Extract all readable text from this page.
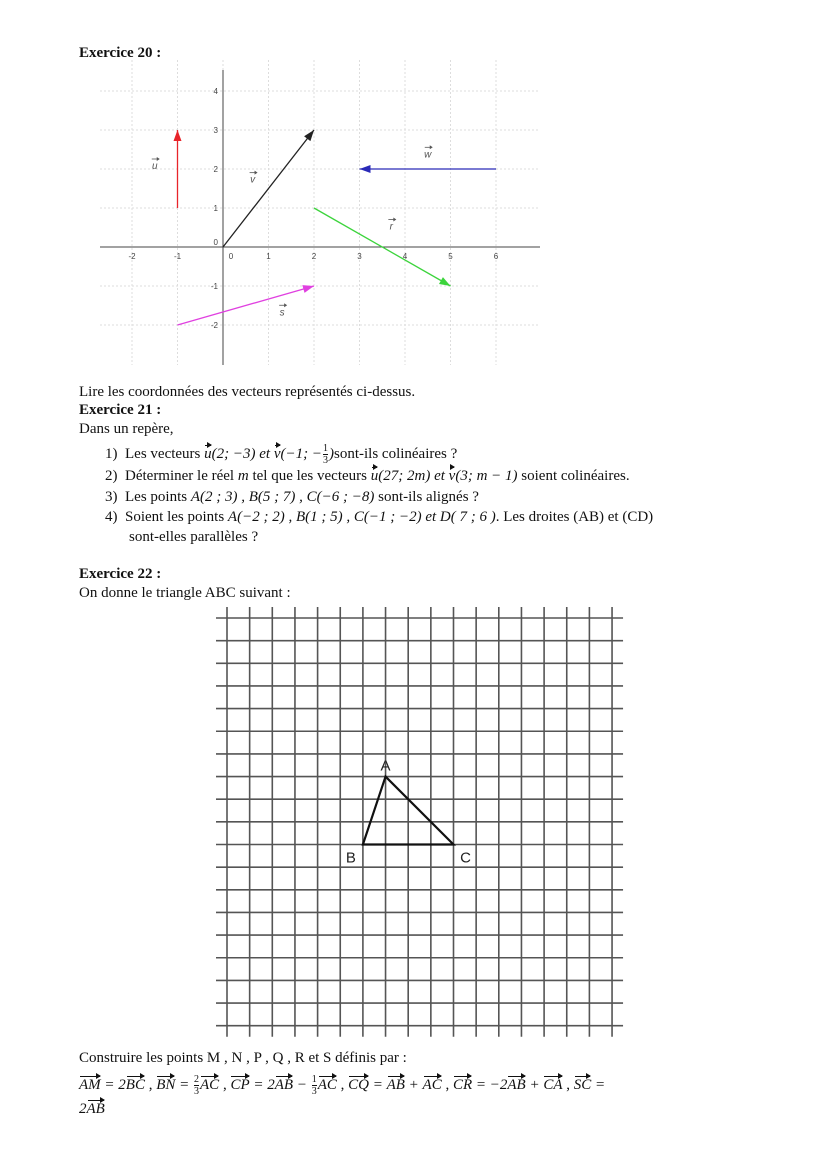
Exercice 20 :
-2	-1	0	1	2	3	4	5	6
-2
-1
0
1
2
3
4
u
v
w
r
s
Lire les coordonnées des vecteurs représentés ci-dessus.
Exercice 21 :
Dans un repère,
1) Les vecteurs u(2; −3) et v(−1; − $\frac{1}{3}$ )sont-ils colinéaires ?
2) Déterminer le réel m tel que les vecteurs u(27; 2m) et v(3; m − 1) soient colinéaires.
3) Les points A(2 ; 3) , B(5 ; 7) , C(−6 ; −8) sont-ils alignés ?
4) Soient les points A(−2 ; 2) , B(1 ; 5) , C(−1 ; −2) et D( 7 ; 6 ). Les droites (AB) et (CD)
sont-elles parallèles ?
Exercice 22 :
On donne le triangle ABC suivant :
A
B	C
Construire les points M , N , P , Q , R et S définis par :
AM = 2BC , BN = $\frac{2}{3}$ AC , CP = $2AB - \frac{1}{3}$ AC , CQ = AB + AC , CR = −2AB + CA , SC =
2AB
